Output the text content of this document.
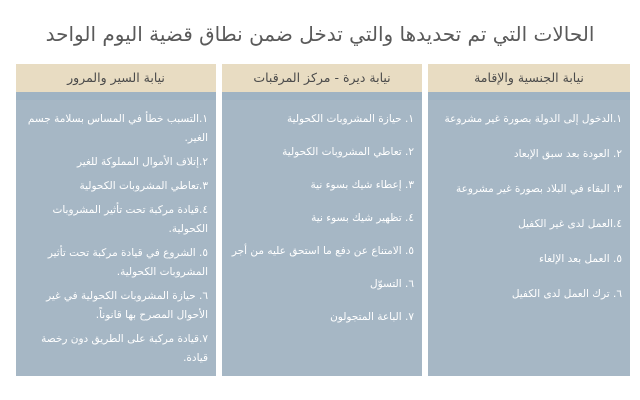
الحالات التي تم تحديدها والتي تدخل ضمن نطاق قضية اليوم الواحد
نيابة الجنسية والإقامة
١.الدخول إلى الدولة بصورة غير مشروعة
٢. العودة بعد سبق الإبعاد
٣. البقاء في البلاد بصورة غير مشروعة
٤.العمل لدى غير الكفيل
٥. العمل بعد الإلغاء
٦. ترك العمل لدى الكفيل
نيابة ديرة - مركز المرقبات
١. حيازة المشروبات الكحولية
٢. تعاطي المشروبات الكحولية
٣. إعطاء شيك بسوء نية
٤. تظهير شيك بسوء نية
٥. الامتناع عن دفع ما استحق عليه من أجر
٦. التسوّل
٧. الباعة المتجولون
نيابة السير والمرور
١.التسبب خطأ في المساس بسلامة جسم الغير.
٢.إتلاف الأموال المملوكة للغير
٣.تعاطي المشروبات الكحولية
٤.قيادة مركبة تحت تأثير المشروبات الكحولية.
٥. الشروع في قيادة مركبة تحت تأثير المشروبات الكحولية.
٦. حيازة المشروبات الكحولية في غير الأحوال المصرح بها قانوناً.
٧.قيادة مركبة على الطريق دون رخصة قيادة.
